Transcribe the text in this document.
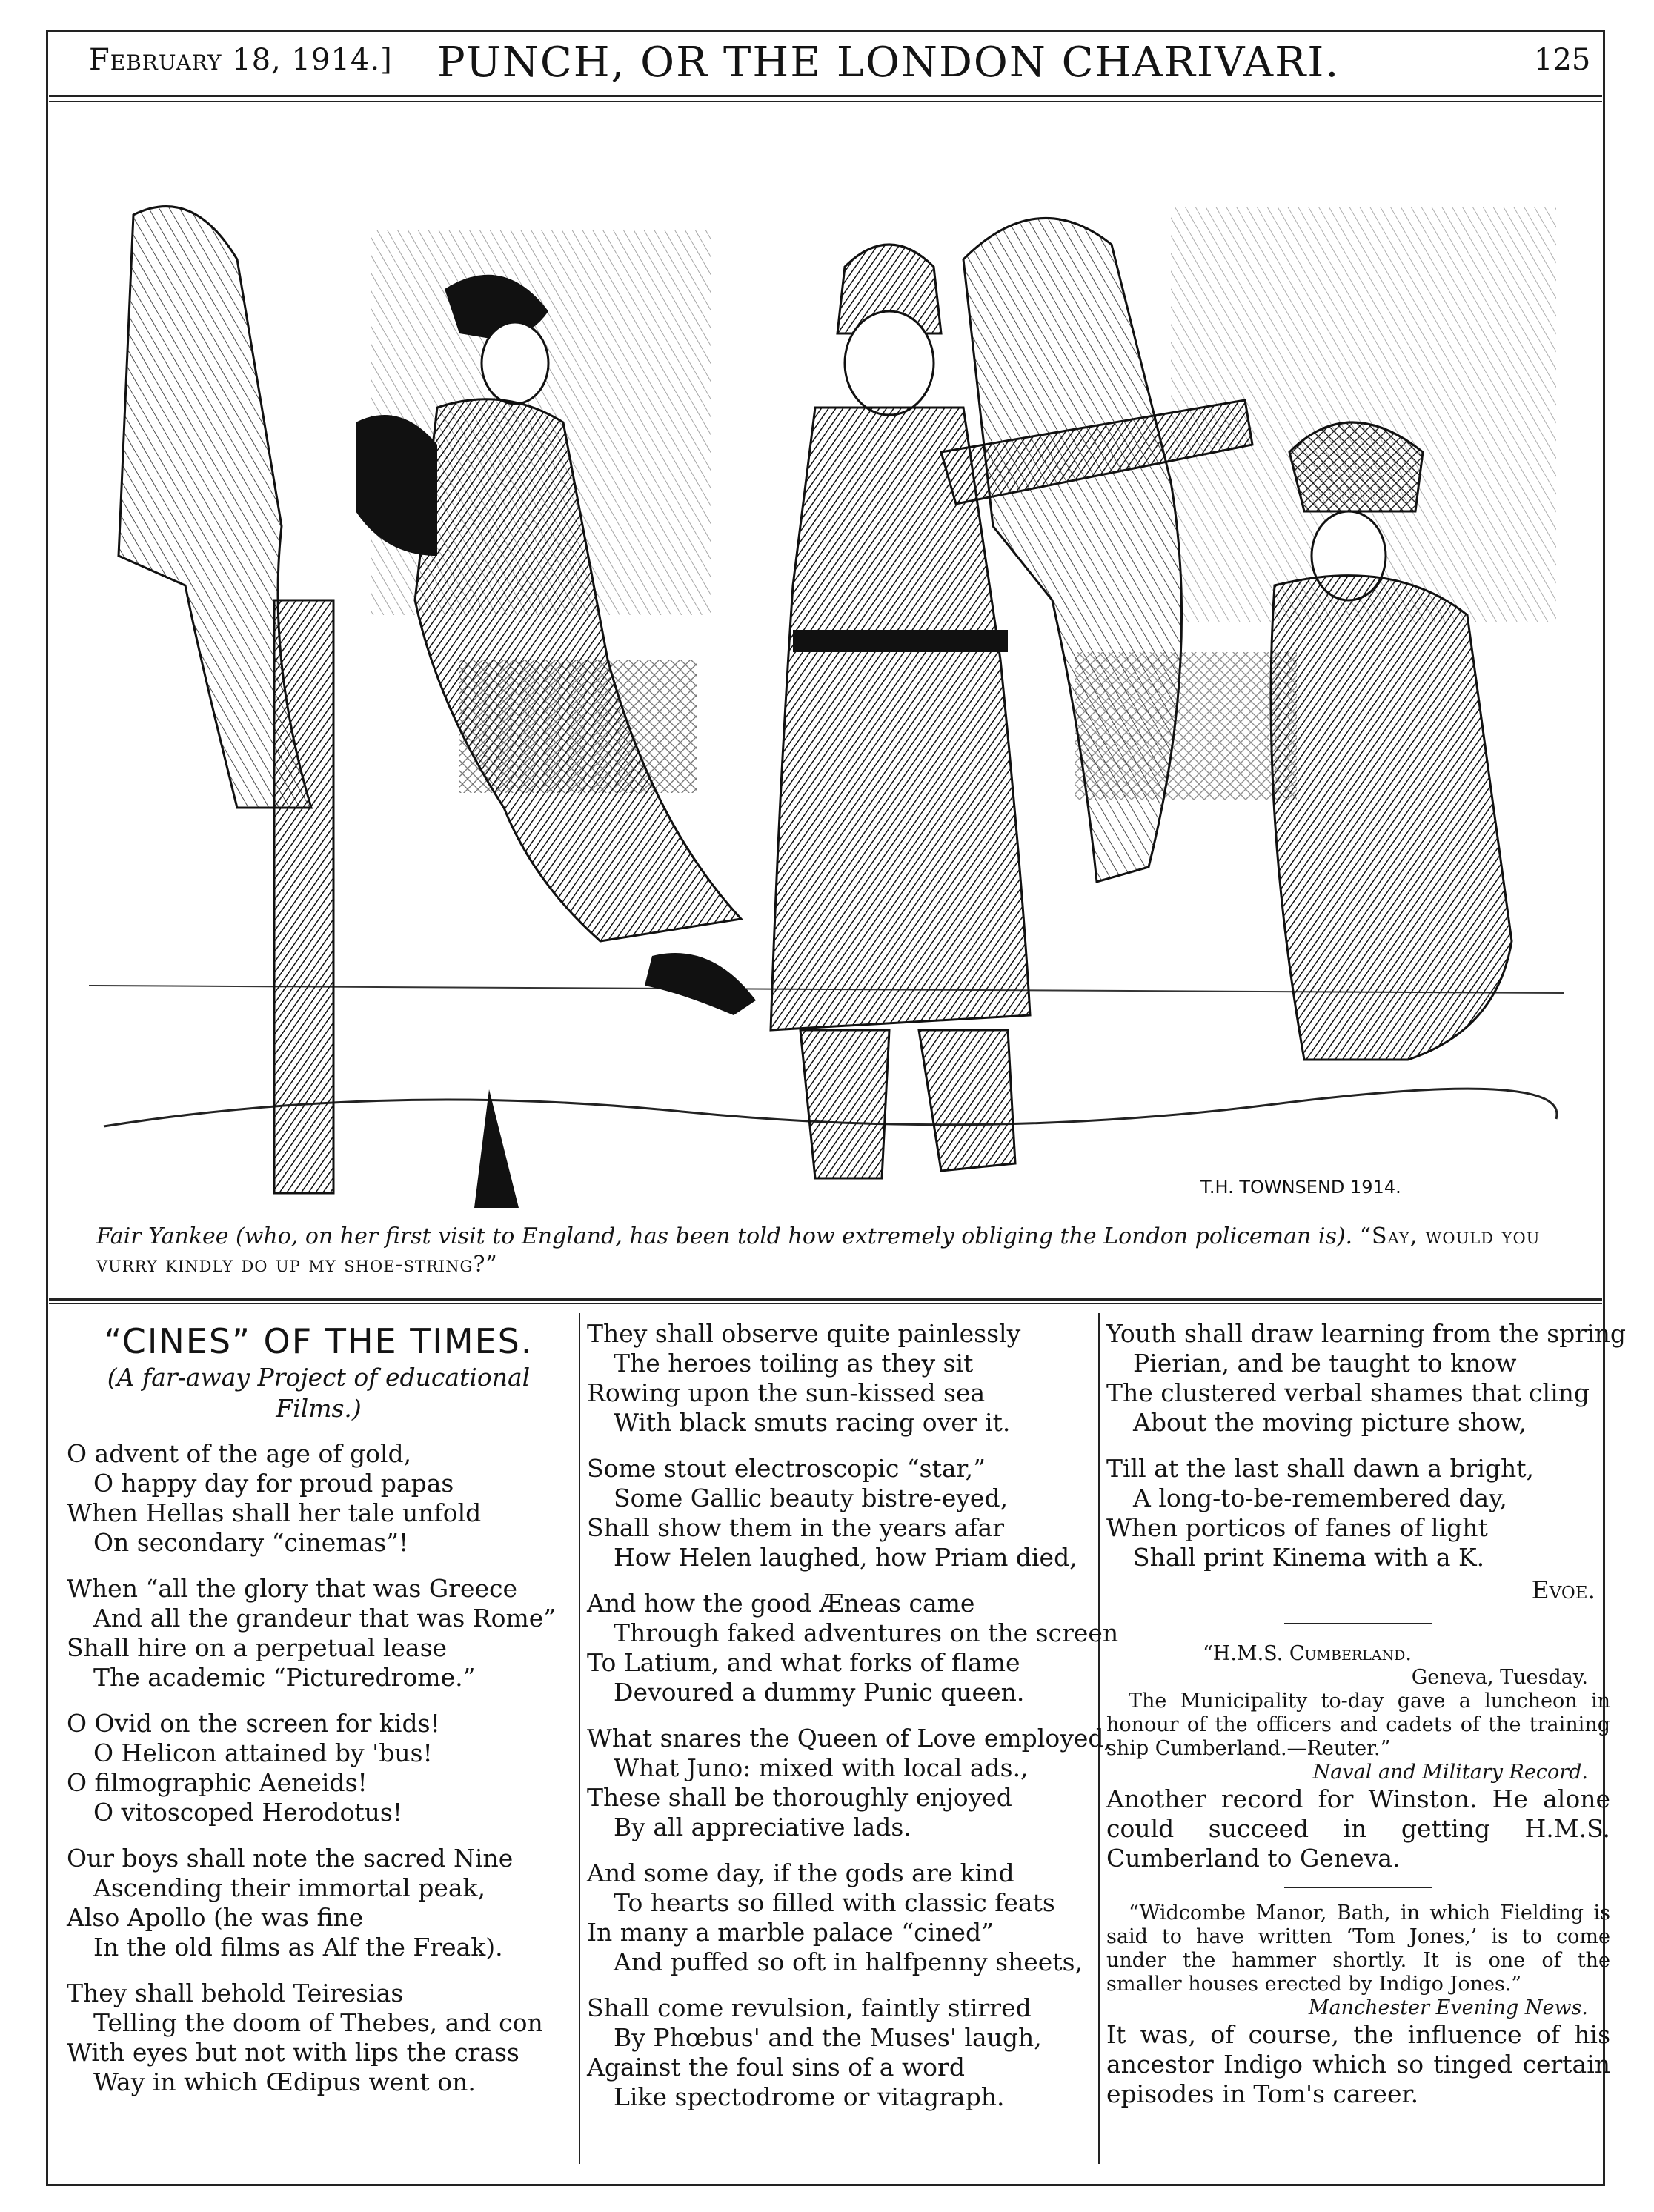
February 18, 1914.] PUNCH, OR THE LONDON CHARIVARI.	125
T.H. TOWNSEND 1914.
Fair Yankee (who, on her first visit to England, has been told how extremely obliging the London policeman is). “Say, would you vurry kindly do up my shoe-string?”
“CINES” OF THE TIMES.
(A far-away Project of educational Films.)
O advent of the age of gold,
O happy day for proud papas
When Hellas shall her tale unfold
On secondary “cinemas”!
When “all the glory that was Greece
And all the grandeur that was Rome”
Shall hire on a perpetual lease
The academic “Picturedrome.”
O Ovid on the screen for kids!
O Helicon attained by 'bus!
O filmographic Aeneids!
O vitoscoped Herodotus!
Our boys shall note the sacred Nine
Ascending their immortal peak,
Also Apollo (he was fine
In the old films as Alf the Freak).
They shall behold Teiresias
Telling the doom of Thebes, and con
With eyes but not with lips the crass
Way in which Œdipus went on.
They shall observe quite painlessly
The heroes toiling as they sit
Rowing upon the sun-kissed sea
With black smuts racing over it.
Some stout electroscopic “star,”
Some Gallic beauty bistre-eyed,
Shall show them in the years afar
How Helen laughed, how Priam died,
And how the good Æneas came
Through faked adventures on the screen
To Latium, and what forks of flame
Devoured a dummy Punic queen.
What snares the Queen of Love employed,
What Juno: mixed with local ads.,
These shall be thoroughly enjoyed
By all appreciative lads.
And some day, if the gods are kind
To hearts so filled with classic feats
In many a marble palace “cined”
And puffed so oft in halfpenny sheets,
Shall come revulsion, faintly stirred
By Phœbus' and the Muses' laugh,
Against the foul sins of a word
Like spectodrome or vitagraph.
Youth shall draw learning from the spring
Pierian, and be taught to know
The clustered verbal shames that cling
About the moving picture show,
Till at the last shall dawn a bright,
A long-to-be-remembered day,
When porticos of fanes of light
Shall print Kinema with a K.
Evoe.
“H.M.S. Cumberland.
Geneva, Tuesday.
The Municipality to-day gave a luncheon in honour of the officers and cadets of the training ship Cumberland.—Reuter.”
Naval and Military Record.
Another record for Winston. He alone could succeed in getting H.M.S. Cumberland to Geneva.
“Widcombe Manor, Bath, in which Fielding is said to have written ‘Tom Jones,’ is to come under the hammer shortly. It is one of the smaller houses erected by Indigo Jones.”
Manchester Evening News.
It was, of course, the influence of his ancestor Indigo which so tinged certain episodes in Tom's career.
